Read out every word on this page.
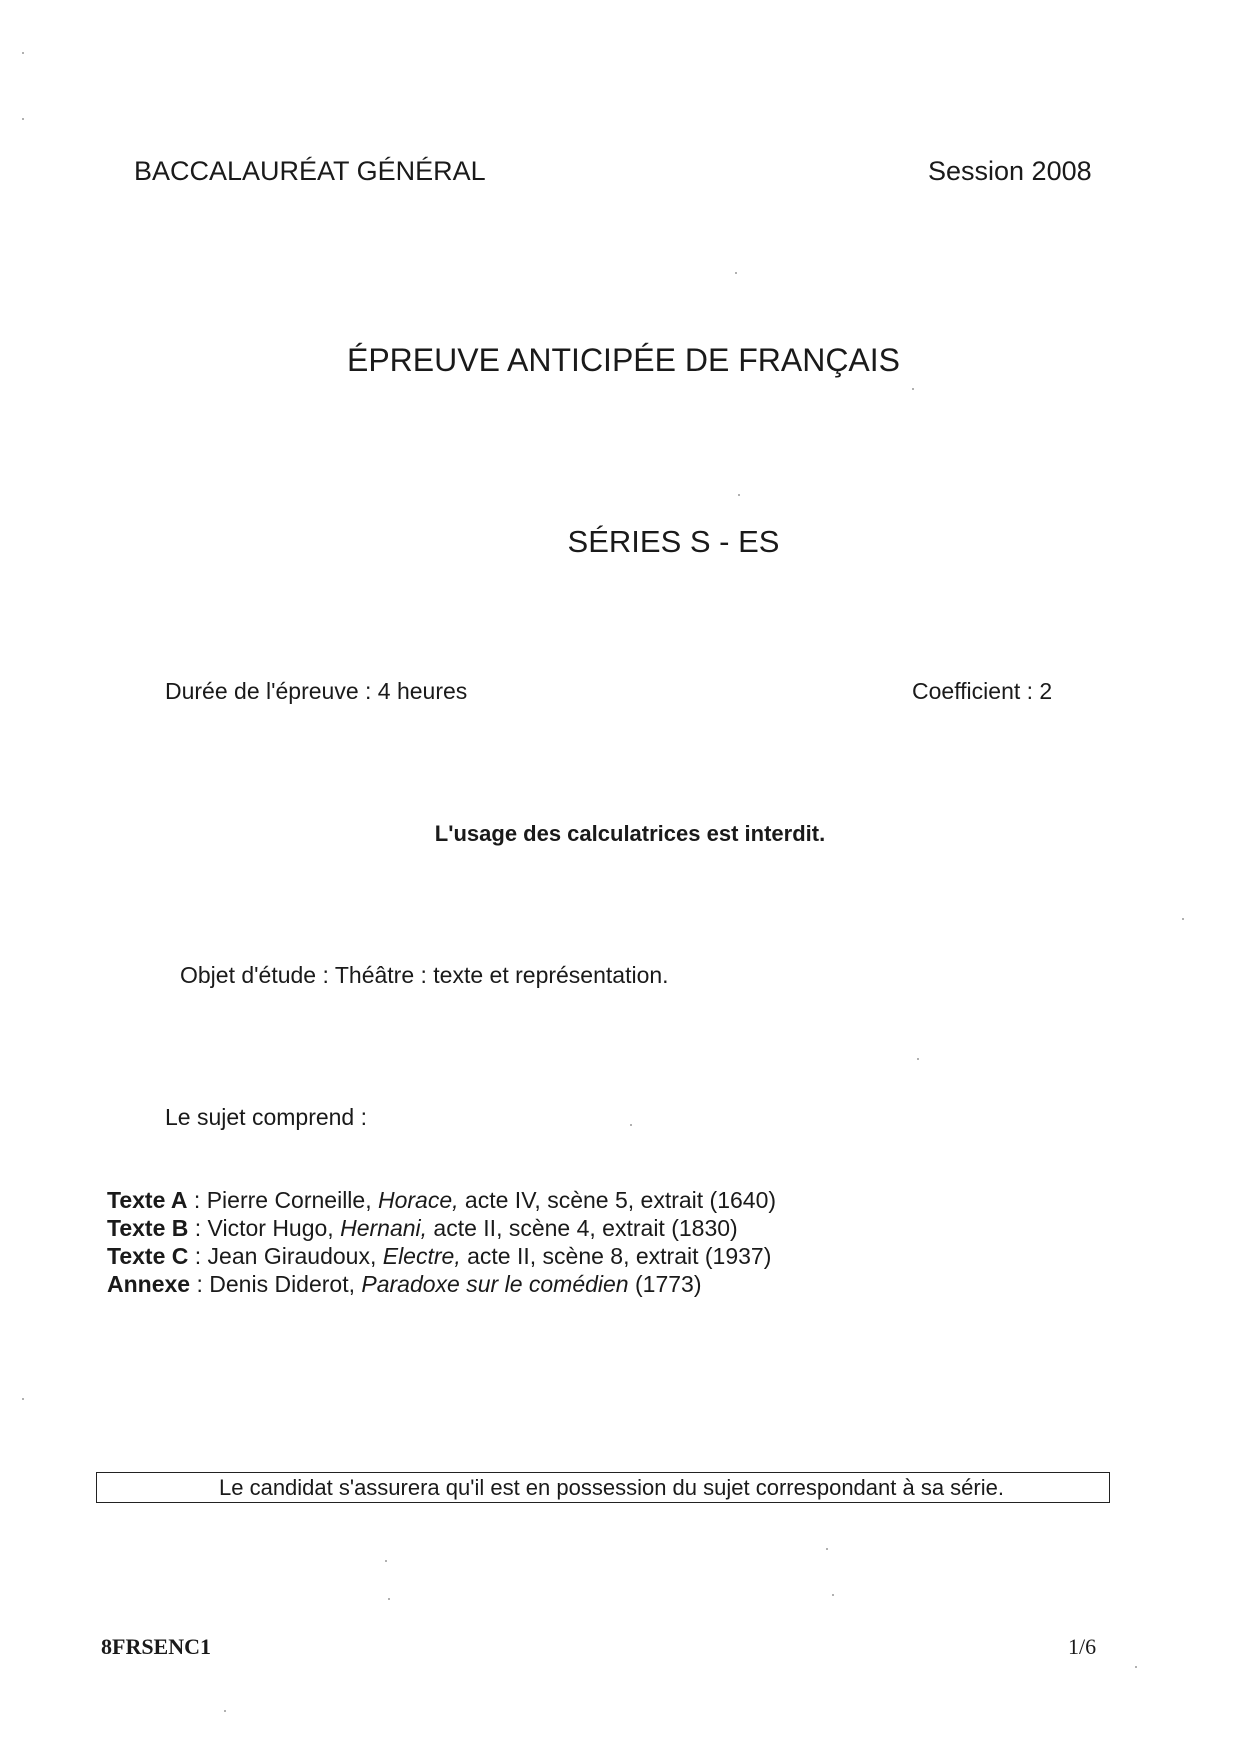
BACCALAURÉAT GÉNÉRAL	Session 2008
ÉPREUVE ANTICIPÉE DE FRANÇAIS
SÉRIES S - ES
Durée de l'épreuve : 4 heures	Coefficient : 2
L'usage des calculatrices est interdit.
Objet d'étude : Théâtre : texte et représentation.
Le sujet comprend :
Texte A : Pierre Corneille, Horace, acte IV, scène 5, extrait (1640)
Texte B : Victor Hugo, Hernani, acte II, scène 4, extrait (1830)
Texte C : Jean Giraudoux, Electre, acte II, scène 8, extrait (1937)
Annexe : Denis Diderot, Paradoxe sur le comédien (1773)
Le candidat s'assurera qu'il est en possession du sujet correspondant à sa série.
8FRSENC1	1/6
